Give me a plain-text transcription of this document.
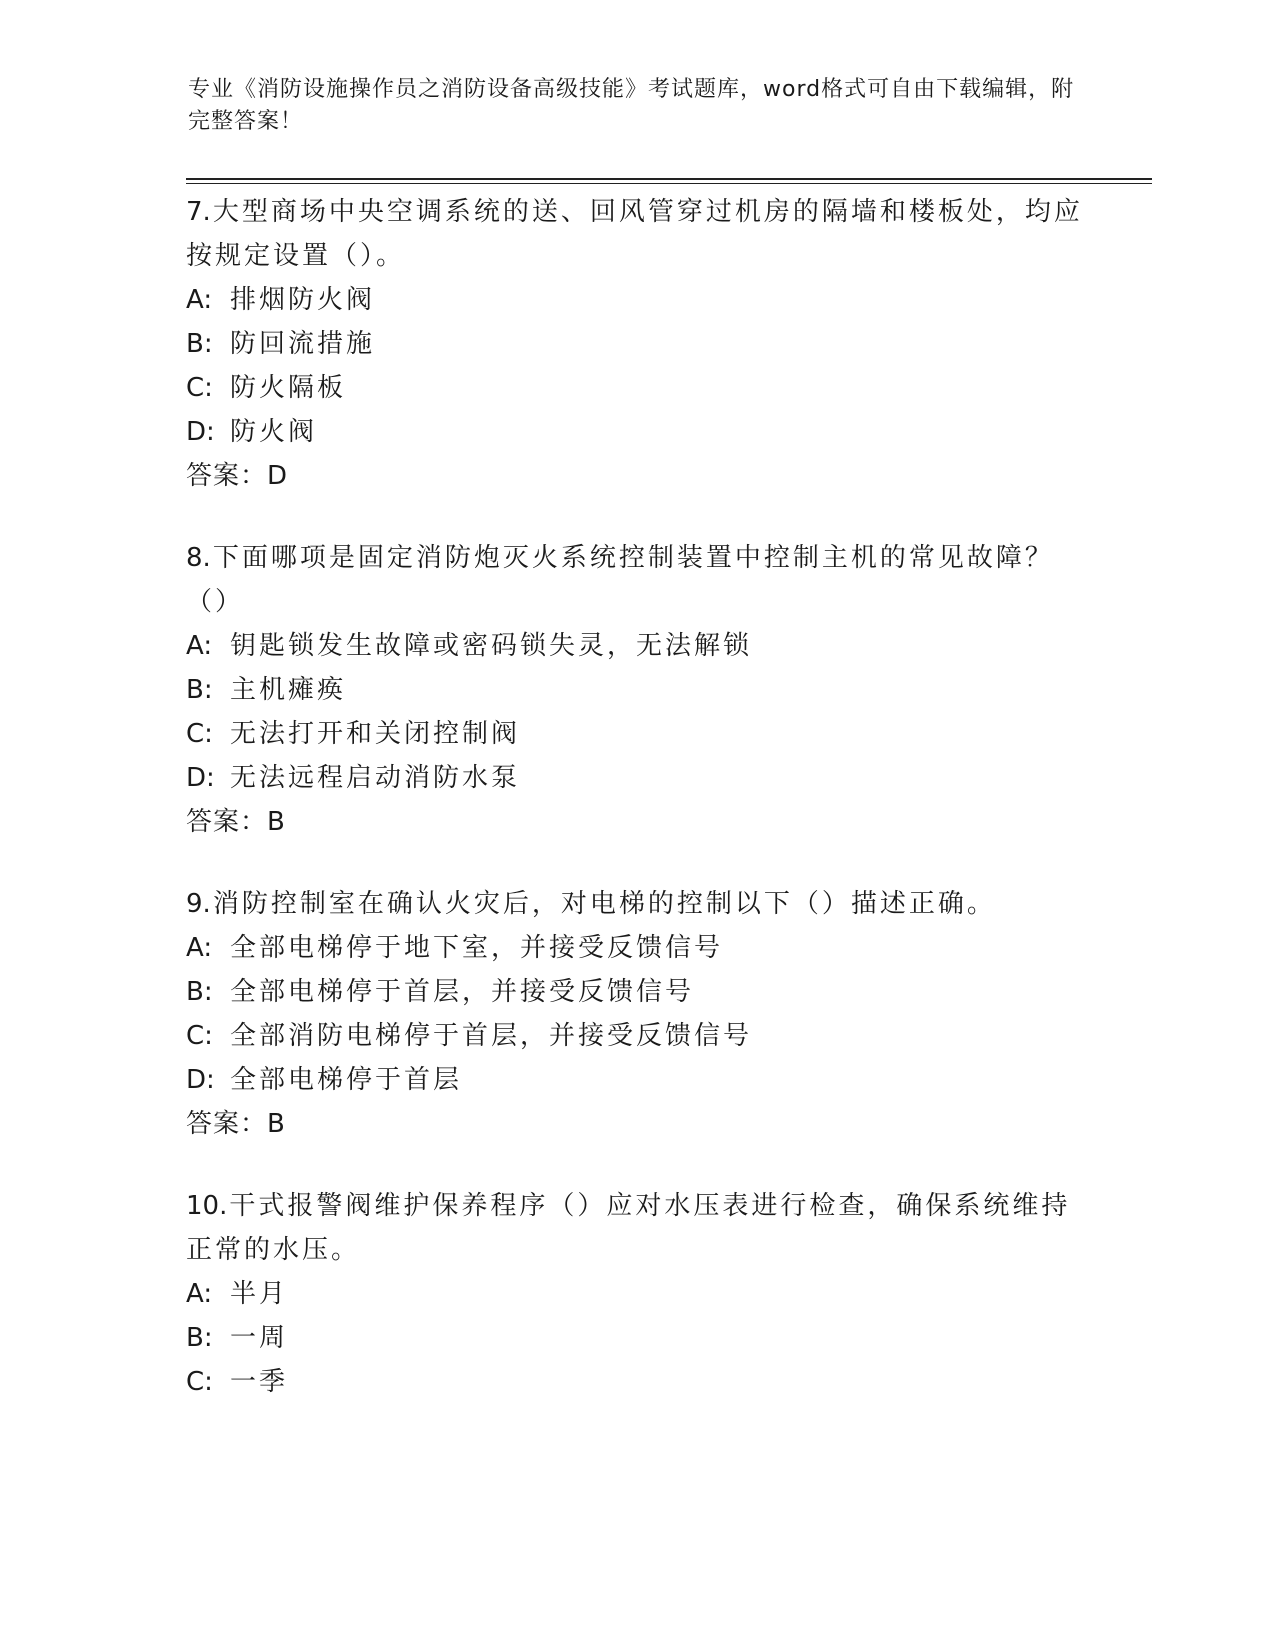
专业《消防设施操作员之消防设备高级技能》考试题库，word格式可自由下载编辑，附完整答案！

7.大型商场中央空调系统的送、回风管穿过机房的隔墙和楼板处，均应按规定设置（）。

A: 排烟防火阀
B: 防回流措施
C: 防火隔板
D: 防火阀

答案：D

8.下面哪项是固定消防炮灭火系统控制装置中控制主机的常见故障？（）

A: 钥匙锁发生故障或密码锁失灵，无法解锁
B: 主机瘫痪
C: 无法打开和关闭控制阀
D: 无法远程启动消防水泵

答案：B

9.消防控制室在确认火灾后，对电梯的控制以下（）描述正确。

A: 全部电梯停于地下室，并接受反馈信号
B: 全部电梯停于首层，并接受反馈信号
C: 全部消防电梯停于首层，并接受反馈信号
D: 全部电梯停于首层

答案：B

10.干式报警阀维护保养程序（）应对水压表进行检查，确保系统维持正常的水压。

A: 半月
B: 一周
C: 一季
